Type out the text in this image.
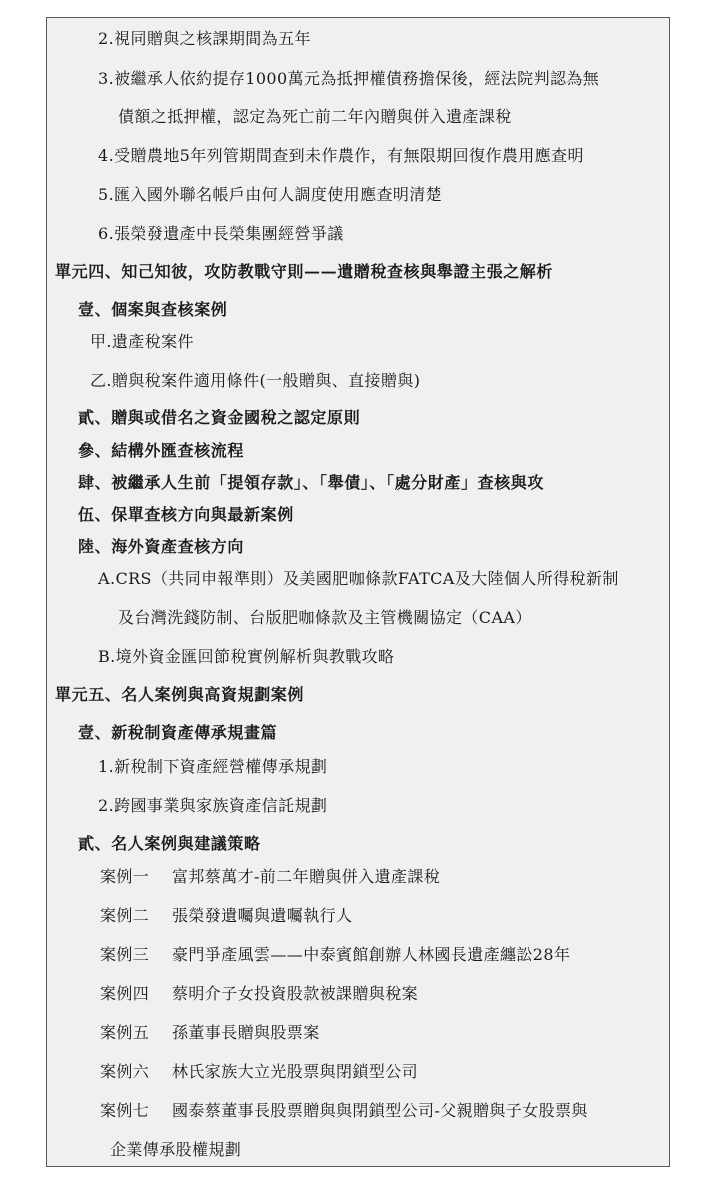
2.視同贈與之核課期間為五年
3.被繼承人依約提存1000萬元為抵押權債務擔保後，經法院判認為無
債額之抵押權，認定為死亡前二年內贈與併入遺產課稅
4.受贈農地5年列管期間查到未作農作，有無限期回復作農用應查明
5.匯入國外聯名帳戶由何人調度使用應查明清楚
6.張榮發遺產中長榮集團經營爭議
單元四、知己知彼，攻防教戰守則——遺贈稅查核與舉證主張之解析
壹、個案與查核案例
甲.遺產稅案件
乙.贈與稅案件適用條件(一般贈與、直接贈與)
貳、贈與或借名之資金國稅之認定原則
參、結構外匯查核流程
肆、被繼承人生前「提領存款」、「舉債」、「處分財產」查核與攻
伍、保單查核方向與最新案例
陸、海外資產查核方向
A.CRS（共同申報準則）及美國肥咖條款FATCA及大陸個人所得稅新制
及台灣洗錢防制、台版肥咖條款及主管機關協定（CAA）
B.境外資金匯回節稅實例解析與教戰攻略
單元五、名人案例與高資規劃案例
壹、新稅制資產傳承規畫篇
1.新稅制下資產經營權傳承規劃
2.跨國事業與家族資產信託規劃
貳、名人案例與建議策略
案例一 富邦蔡萬才-前二年贈與併入遺產課稅
案例二 張榮發遺囑與遺囑執行人
案例三 豪門爭產風雲——中泰賓館創辦人林國長遺產纏訟28年
案例四 蔡明介子女投資股款被課贈與稅案
案例五 孫董事長贈與股票案
案例六 林氏家族大立光股票與閉鎖型公司
案例七 國泰蔡董事長股票贈與與閉鎖型公司-父親贈與子女股票與
企業傳承股權規劃
